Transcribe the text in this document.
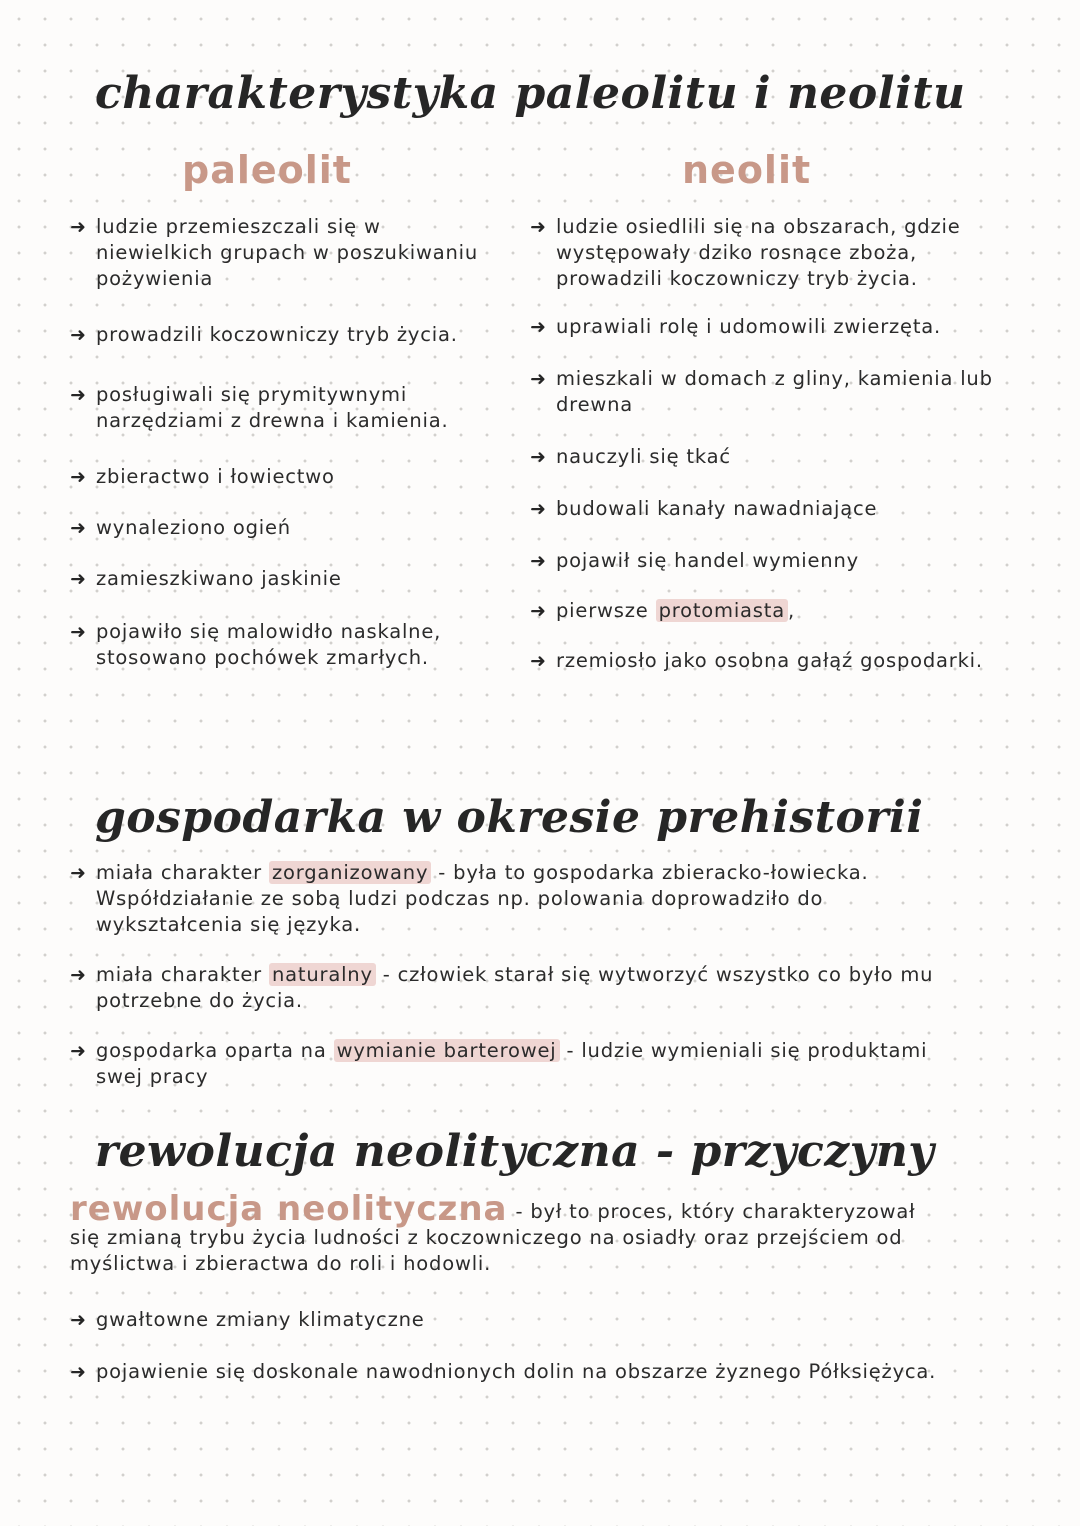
charakterystyka paleolitu i neolitu
paleolit	neolit
➜ ludzie przemieszczali się w niewielkich grupach w poszukiwaniu pożywienia
➜ prowadzili koczowniczy tryb życia.
➜ posługiwali się prymitywnymi narzędziami z drewna i kamienia.
➜ zbieractwo i łowiectwo
➜ wynaleziono ogień
➜ zamieszkiwano jaskinie
➜ pojawiło się malowidło naskalne, stosowano pochówek zmarłych.
➜ ludzie osiedlili się na obszarach, gdzie występowały dziko rosnące zboża, prowadzili koczowniczy tryb życia.
➜ uprawiali rolę i udomowili zwierzęta.
➜ mieszkali w domach z gliny, kamienia lub drewna
➜ nauczyli się tkać
➜ budowali kanały nawadniające
➜ pojawił się handel wymienny
➜ pierwsze protomiasta ,
➜ rzemiosło jako osobna gałąź gospodarki.
gospodarka w okresie prehistorii
➜ miała charakter zorganizowany - była to gospodarka zbieracko-łowiecka. Współdziałanie ze sobą ludzi podczas np. polowania doprowadziło do wykształcenia się języka.
➜ miała charakter naturalny - człowiek starał się wytworzyć wszystko co było mu potrzebne do życia.
➜ gospodarka oparta na wymianie barterowej - ludzie wymieniali się produktami swej pracy
rewolucja neolityczna - przyczyny
rewolucja neolityczna - był to proces, który charakteryzował się zmianą trybu życia ludności z koczowniczego na osiadły oraz przejściem od myślictwa i zbieractwa do roli i hodowli.
➜ gwałtowne zmiany klimatyczne
➜ pojawienie się doskonale nawodnionych dolin na obszarze żyznego Półksiężyca.
